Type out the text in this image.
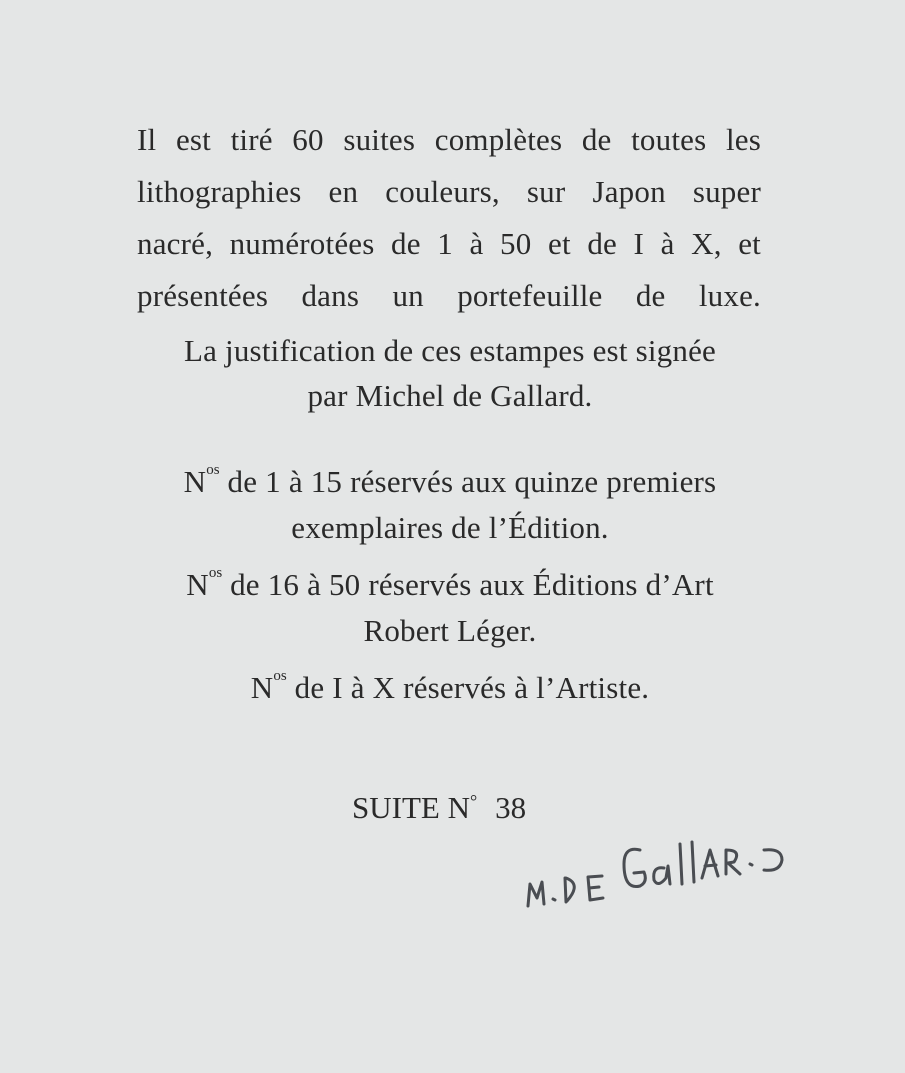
Il est tiré 60 suites complètes de toutes les
lithographies en couleurs, sur Japon super
nacré, numérotées de 1 à 50 et de I à X, et
présentées dans un portefeuille de luxe.
La justification de ces estampes est signée
par Michel de Gallard.
$N^{os}$ de 1 à 15 réservés aux quinze premiers
exemplaires de l’Édition.
$N^{os}$ de 16 à 50 réservés aux Éditions d’Art
Robert Léger.
$N^{os}$ de I à X réservés à l’Artiste.
SUITE N° 38
